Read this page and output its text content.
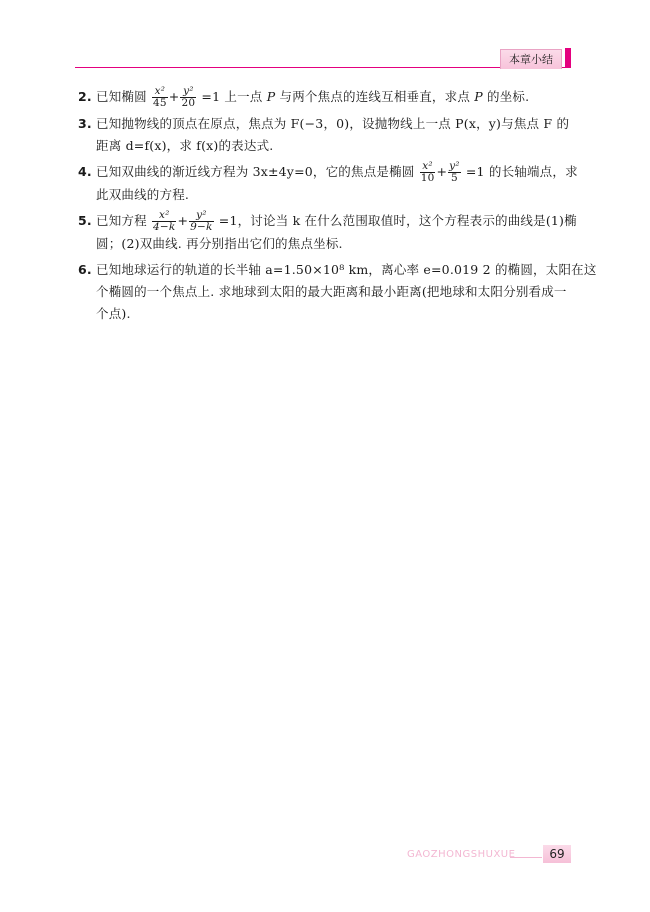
本章小结
2. 已知椭圆 $\frac{\text{x²}}{45} + \frac{\text{y²}}{20} =1$ 上一点 P 与两个焦点的连线互相垂直，求点 P 的坐标.
3. 已知抛物线的顶点在原点，焦点为 F(−3，0)，设抛物线上一点 P(x，y)与焦点 F 的
距离 d=f(x)，求 f(x)的表达式.
4. 已知双曲线的渐近线方程为 3x±4y=0，它的焦点是椭圆 $\frac{\text{x²}}{10} + \frac{\text{y²}}{5} =1$ 的长轴端点，求
此双曲线的方程.
5. 已知方程 $\frac{\text{x²}}{4-k} + \frac{\text{y²}}{9-k} =1$，讨论当 k 在什么范围取值时，这个方程表示的曲线是(1)椭
圆；(2)双曲线. 再分别指出它们的焦点坐标.
6. 已知地球运行的轨道的长半轴 a=1.50×10⁸ km，离心率 e=0.019 2 的椭圆，太阳在这
个椭圆的一个焦点上. 求地球到太阳的最大距离和最小距离(把地球和太阳分别看成一
个点).
GAOZHONGSHUXUE	69
